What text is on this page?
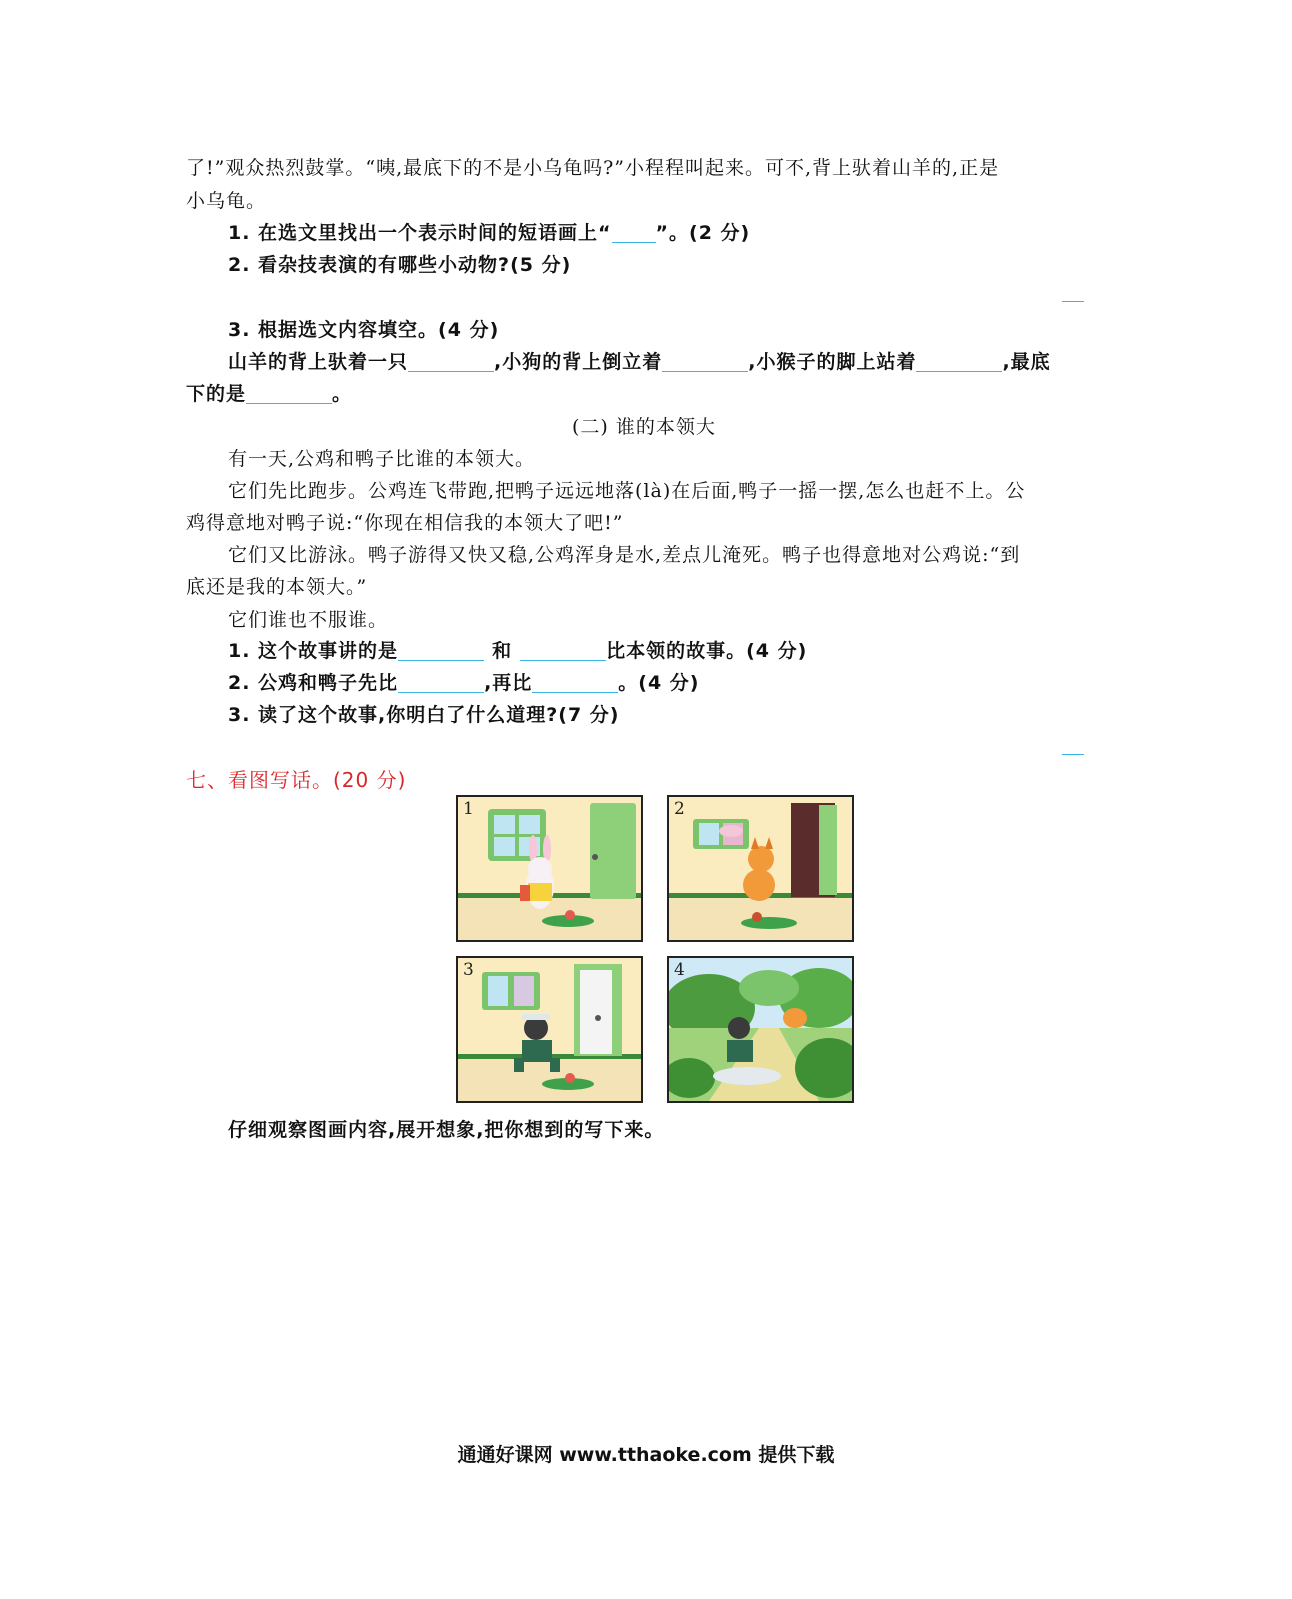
了!”观众热烈鼓掌。“咦,最底下的不是小乌龟吗?”小程程叫起来。可不,背上驮着山羊的,正是
小乌龟。
1. 在选文里找出一个表示时间的短语画上“ ”。(2 分)
2. 看杂技表演的有哪些小动物?(5 分)
3. 根据选文内容填空。(4 分)
山羊的背上驮着一只	,小狗的背上倒立着	,小猴子的脚上站着	,最底
下的是	。
(二) 谁的本领大
有一天,公鸡和鸭子比谁的本领大。
它们先比跑步。公鸡连飞带跑,把鸭子远远地落(là)在后面,鸭子一摇一摆,怎么也赶不上。公
鸡得意地对鸭子说:“你现在相信我的本领大了吧!”
它们又比游泳。鸭子游得又快又稳,公鸡浑身是水,差点儿淹死。鸭子也得意地对公鸡说:“到
底还是我的本领大。”
它们谁也不服谁。
1. 这个故事讲的是	和	比本领的故事。(4 分)
2. 公鸡和鸭子先比	,再比	。(4 分)
3. 读了这个故事,你明白了什么道理?(7 分)
七、看图写话。(20 分)
1	2
3	4
仔细观察图画内容,展开想象,把你想到的写下来。
通通好课网 www.tthaoke.com 提供下载
